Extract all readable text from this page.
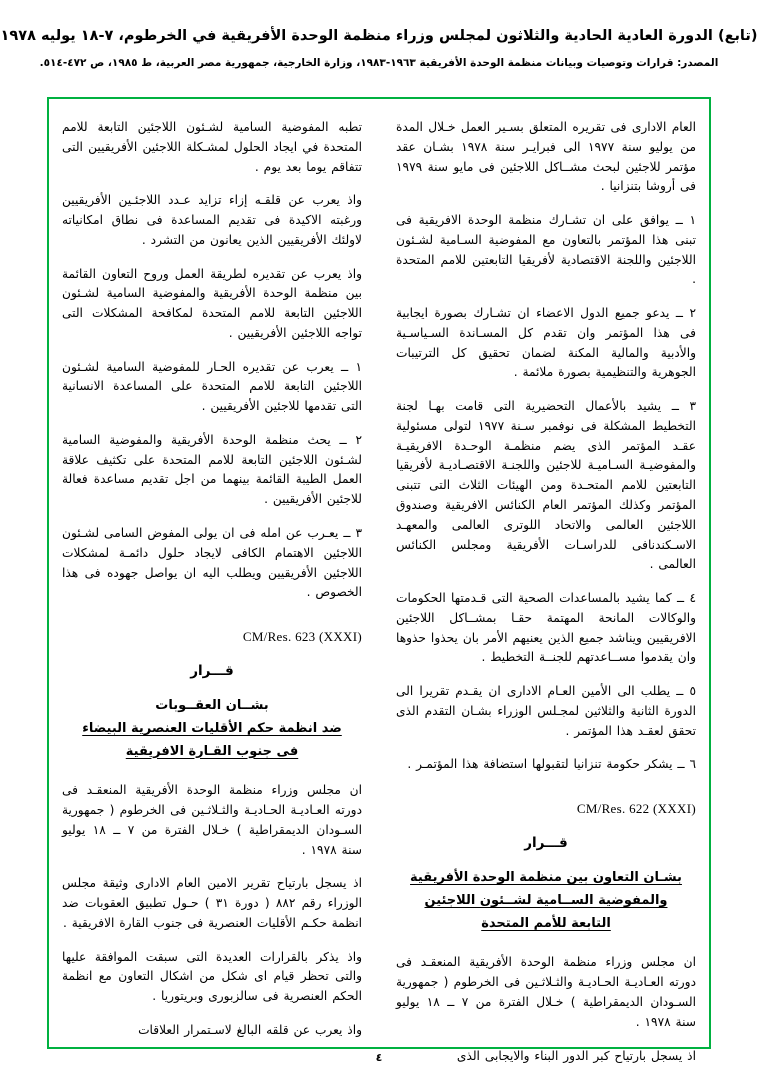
(تابع) الدورة العادية الحادية والثلاثون لمجلس وزراء منظمة الوحدة الأفريقية في الخرطوم، ٧-١٨ يوليه ١٩٧٨
المصدر: ‏قرارات وتوصيات وبيانات منظمة الوحدة الأفريقية ١٩٦٣-١٩٨٣، وزارة الخارجية، جمهورية مصر العربية، ط ١٩٨٥، ص ٤٧٢-٥١٤.

العام الادارى فى تقريره المتعلق بسـير العمل خـلال المدة من يوليو سنة ١٩٧٧ الى فبرايـر سنة ١٩٧٨ بشـان عقد مؤتمر للاجئين لبحث مشــاكل اللاجئين فى مايو سنة ١٩٧٩ فى أروشا بتنزانيا .

١ ــ يوافق على ان تشـارك منظمة الوحدة الافريقية فى تبنى هذا المؤتمر بالتعاون مع المفوضية السـامية لشـئون اللاجئين واللجنة الاقتصادية لأفريقيا التابعتين للامم المتحدة .

٢ ــ يدعو جميع الدول الاعضاء ان تشـارك بصورة ايجابية فى هذا المؤتمر وان تقدم كل المسـاندة السـياسـية والأدبية والمالية المكنة لضمان تحقيق كل الترتيبات الجوهرية والتنظيمية بصورة ملائمة .

٣ ــ يشيد بالأعمال التحضيرية التى قامت بهـا لجنة التخطيط المشكلة فى نوفمبر سـنة ١٩٧٧ لتولى مسئولية عقـد المؤتمر الذى يضم منظمـة الوحـدة الافريقيـة والمفوضيـة السـاميـة للاجئين واللجنـة الاقتصـاديـة لأفريقيا التابعتين للامم المتحـدة ومن الهيئات الثلاث التى تتبنى المؤتمر وكذلك المؤتمر العام الكنائس الافريقية وصندوق اللاجئين العالمى والاتحاد اللوترى العالمى والمعهـد الاسـكندنافى للدراسـات الأفريقية ومجلس الكنائس العالمى .

٤ ــ كما يشيد بالمساعدات الصحية التى قـدمتها الحكومات والوكالات المانحة المهتمة حقـا بمشــاكل اللاجئين الافريقيين ويناشد جميع الذين يعنيهم الأمر بان يحذوا حذوها وان يقدموا مســاعدتهم للجنــة التخطيط .

٥ ــ يطلب الى الأمين العـام الادارى ان يقـدم تقريرا الى الدورة الثانية والثلاثين لمجـلس الوزراء بشـان التقدم الذى تحقق لعقـد هذا المؤتمر .

٦ ــ يشكر حكومة تنزانيا لتقبولها استضافة هذا المؤتمـر .

CM/Res. 622 (XXXI)
قـــرار
بشـان التعاون بين منظمة الوحدة الأفريقية
والمفوضية الســامية لشــئون اللاجئين
التابعة للأمم المتحدة

ان مجلس وزراء منظمة الوحدة الأفريقية المنعقـد فى دورته العـاديـة الحـاديـة والثـلاثـين فى الخرطوم ( جمهورية السـودان الديمقراطية ) خـلال الفترة من ٧ ــ ١٨ يوليو سنة ١٩٧٨ .

اذ يسجل بارتياح كبر الدور البناء والايجابى الذى

تطبه المفوضية السامية لشـئون اللاجئين التابعة للامم المتحدة في ايجاد الحلول لمشـكلة اللاجئين الأفريقيين التى تتفاقم يوما بعد يوم .

واذ يعرب عن قلقـه إزاء تزايد عـدد اللاجئـين الأفريقيين ورغبته الاكيدة فى تقديم المساعدة فى نطاق امكانياته لاولئك الأفريقيين الذين يعانون من التشرد .

واذ يعرب عن تقديره لطريقة العمل وروح التعاون القائمة بين منظمة الوحدة الأفريقية والمفوضية السامية لشـئون اللاجئين التابعة للامم المتحدة لمكافحة المشكلات التى تواجه اللاجئين الأفريقيين .

١ ــ يعرب عن تقديره الحـار للمفوضية السامية لشـئون اللاجئين التابعة للامم المتحدة على المساعدة الانسانية التى تقدمها للاجئين الأفريقيين .

٢ ــ يحث منظمة الوحدة الأفريقية والمفوضية السامية لشـئون اللاجئين التابعة للامم المتحدة على تكثيف علاقة العمل الطيبة القائمة بينهما من اجل تقديم مساعدة فعالة للاجئين الأفريقيين .

٣ ــ يعـرب عن امله فى ان يولى المفوض السامى لشـئون اللاجئين الاهتمام الكافى لايجاد حلول دائمـة لمشكلات اللاجئين الأفريقيين ويطلب اليه ان يواصل جهوده فى هذا الخصوص .

CM/Res. 623 (XXXI)
قـــرار
بشــان العقــوبات
ضد انظمة حكم الأقليات العنصرية البيضاء
فى جنوب القـارة الافريقية

ان مجلس وزراء منظمة الوحدة الأفريقية المنعقـد فى دورته العـاديـة الحـاديـة والثـلاثـين فى الخرطوم ( جمهورية السـودان الديمقراطية ) خـلال الفترة من ٧ ــ ١٨ يوليو سنة ١٩٧٨ .

اذ يسجل بارتياح تقرير الامين العام الادارى وثيقة مجلس الوزراء رقم ٨٨٢ ( دورة ٣١ ) حـول تطبيق العقوبات ضد انظمة حكـم الأقليات العنصرية فى جنوب القارة الافريقية .

واذ يذكر بالقرارات العديدة التى سبقت الموافقة عليها والتى تحظر قيام اى شكل من اشكال التعاون مع انظمة الحكم العنصرية فى سالزبورى وبريتوريا .

واذ يعرب عن قلقه البالغ لاسـتمرار العلاقات

٤
